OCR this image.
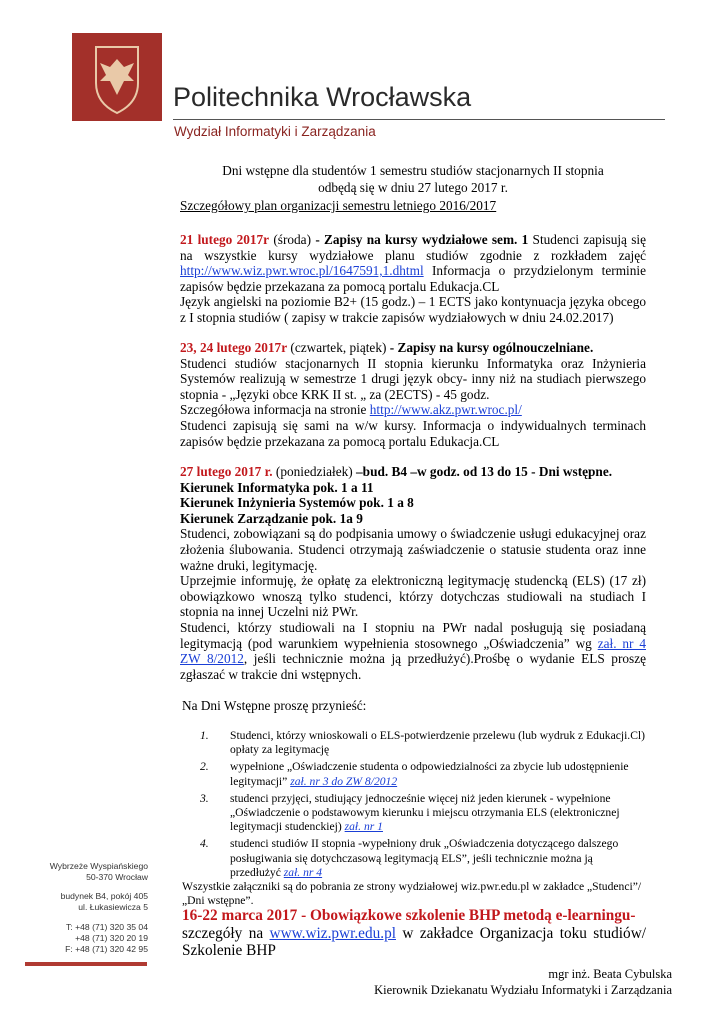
Politechnika Wrocławska
Wydział Informatyki i Zarządzania
Dni wstępne dla studentów 1 semestru studiów stacjonarnych II stopnia
odbędą się w dniu 27 lutego 2017 r.
Szczegółowy plan organizacji semestru letniego 2016/2017
21 lutego 2017r (środa) - Zapisy na kursy wydziałowe sem. 1 Studenci zapisują się na wszystkie kursy wydziałowe planu studiów zgodnie z rozkładem zajęć http://www.wiz.pwr.wroc.pl/1647591,1.dhtml Informacja o przydzielonym terminie zapisów będzie przekazana za pomocą portalu Edukacja.CL
Język angielski na poziomie B2+ (15 godz.) – 1 ECTS jako kontynuacja języka obcego z I stopnia studiów ( zapisy w trakcie zapisów wydziałowych w dniu 24.02.2017)
23, 24 lutego 2017r (czwartek, piątek) - Zapisy na kursy ogólnouczelniane.
Studenci studiów stacjonarnych II stopnia kierunku Informatyka oraz Inżynieria Systemów realizują w semestrze 1 drugi język obcy- inny niż na studiach pierwszego stopnia - „Języki obce KRK II st. „ za (2ECTS) - 45 godz.
Szczegółowa informacja na stronie http://www.akz.pwr.wroc.pl/
Studenci zapisują się sami na w/w kursy. Informacja o indywidualnych terminach zapisów będzie przekazana za pomocą portalu Edukacja.CL
27 lutego 2017 r. (poniedziałek) –bud. B4 –w godz. od 13 do 15 - Dni wstępne.
Kierunek Informatyka pok. 1 a 11
Kierunek Inżynieria Systemów pok. 1 a 8
Kierunek Zarządzanie pok. 1a 9
Studenci, zobowiązani są do podpisania umowy o świadczenie usługi edukacyjnej oraz złożenia ślubowania. Studenci otrzymają zaświadczenie o statusie studenta oraz inne ważne druki, legitymację.
Uprzejmie informuję, że opłatę za elektroniczną legitymację studencką (ELS) (17 zł) obowiązkowo wnoszą tylko studenci, którzy dotychczas studiowali na studiach I stopnia na innej Uczelni niż PWr.
Studenci, którzy studiowali na I stopniu na PWr nadal posługują się posiadaną legitymacją (pod warunkiem wypełnienia stosownego „Oświadczenia” wg zał. nr 4 ZW 8/2012, jeśli technicznie można ją przedłużyć).Prośbę o wydanie ELS proszę zgłaszać w trakcie dni wstępnych.
Na Dni Wstępne proszę przynieść:
1. Studenci, którzy wnioskowali o ELS-potwierdzenie przelewu (lub wydruk z Edukacji.Cl) opłaty za legitymację
2. wypełnione „Oświadczenie studenta o odpowiedzialności za zbycie lub udostępnienie legitymacji” zał. nr 3 do ZW 8/2012
3. studenci przyjęci, studiujący jednocześnie więcej niż jeden kierunek - wypełnione „Oświadczenie o podstawowym kierunku i miejscu otrzymania ELS (elektronicznej legitymacji studenckiej) zał. nr 1
4. studenci studiów II stopnia -wypełniony druk „Oświadczenia dotyczącego dalszego posługiwania się dotychczasową legitymacją ELS”, jeśli technicznie można ją przedłużyć zał. nr 4
Wszystkie załączniki są do pobrania ze strony wydziałowej wiz.pwr.edu.pl w zakładce „Studenci”/ „Dni wstępne”.
16-22 marca 2017 - Obowiązkowe szkolenie BHP metodą e-learningu-
szczegóły na www.wiz.pwr.edu.pl w zakładce Organizacja toku studiów/ Szkolenie BHP
mgr inż. Beata Cybulska
Kierownik Dziekanatu Wydziału Informatyki i Zarządzania
Wybrzeże Wyspiańskiego
50-370 Wrocław
budynek B4, pokój 405
ul. Łukasiewicza 5
T: +48 (71) 320 35 04
+48 (71) 320 20 19
F: +48 (71) 320 42 95
